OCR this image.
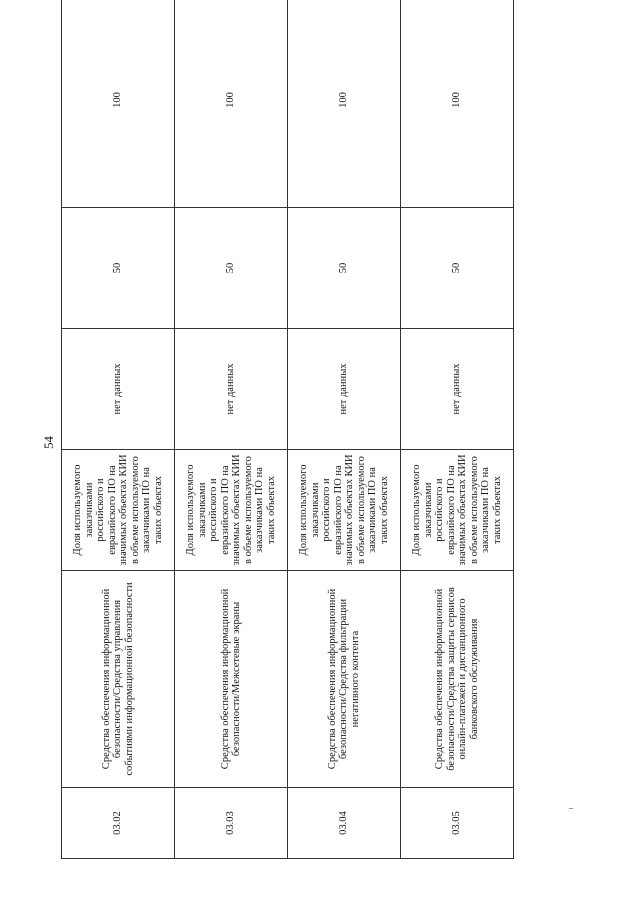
54
03.02	Средства обеспечения информационной безопасности/Средства управления событиями информационной безопасности	Доля используемого заказчиками российского и евразийского ПО на значимых объектах КИИ в объеме используемого заказчиками ПО на таких объектах	нет данных	50	100
03.03	Средства обеспечения информационной безопасности/Межсетевые экраны	Доля используемого заказчиками российского и евразийского ПО на значимых объектах КИИ в объеме используемого заказчиками ПО на таких объектах	нет данных	50	100
03.04	Средства обеспечения информационной безопасности/Средства фильтрации негативного контента	Доля используемого заказчиками российского и евразийского ПО на значимых объектах КИИ в объеме используемого заказчиками ПО на таких объектах	нет данных	50	100
03.05	Средства обеспечения информационной безопасности/Средства защиты сервисов онлайн-платежей и дистанционного банковского обслуживания	Доля используемого заказчиками российского и евразийского ПО на значимых объектах КИИ в объеме используемого заказчиками ПО на таких объектах	нет данных	50	100
